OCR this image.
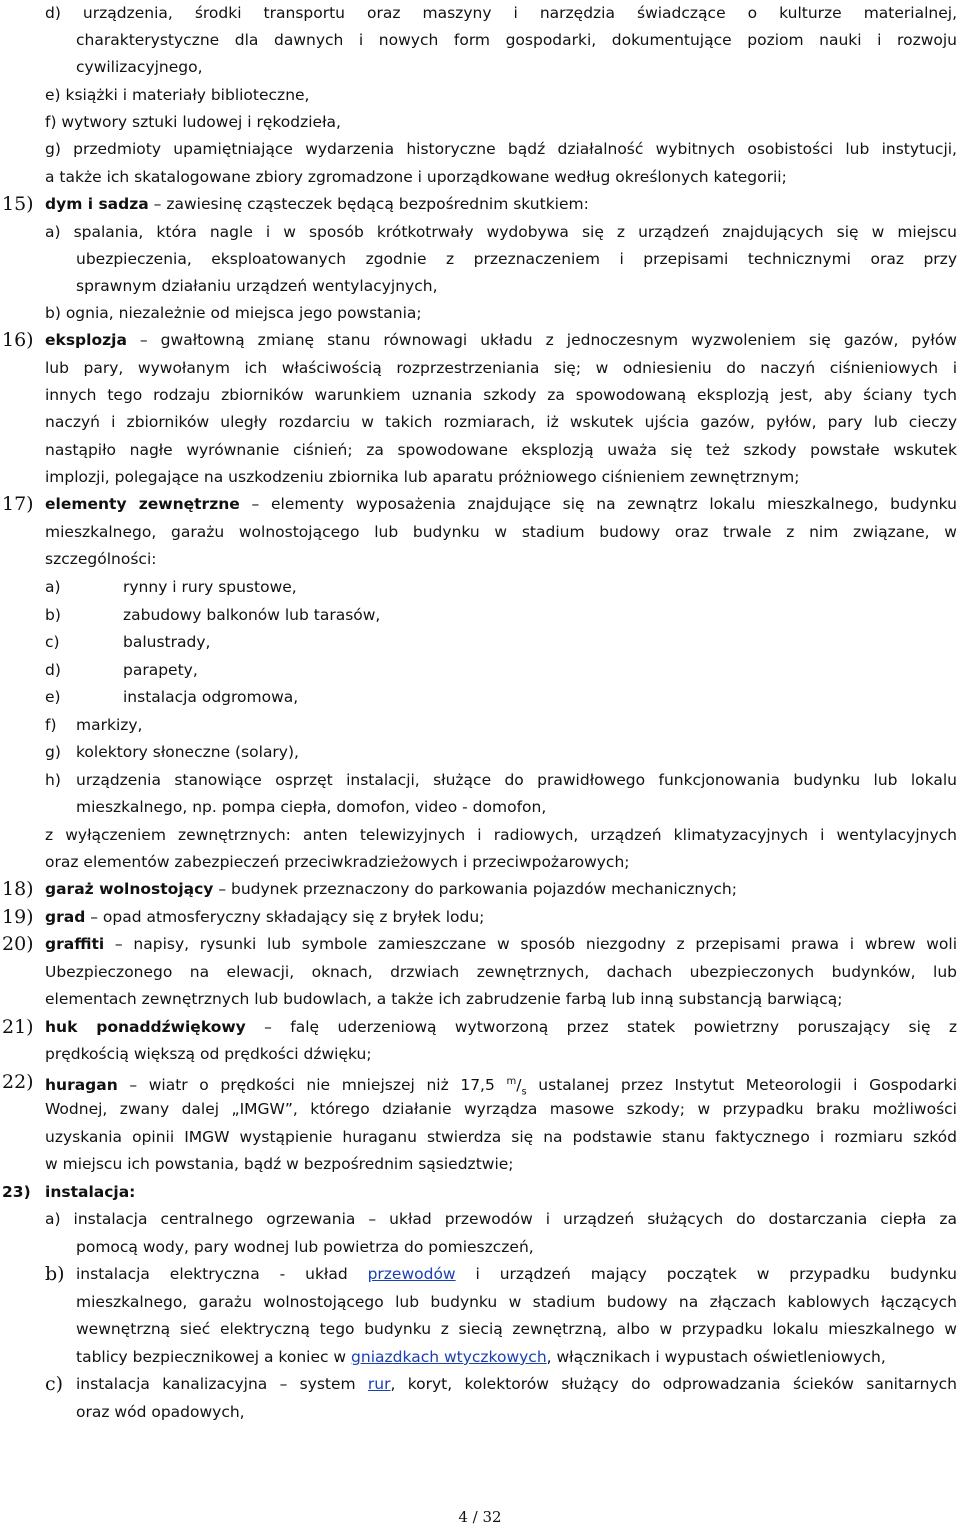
d) urządzenia, środki transportu oraz maszyny i narzędzia świadczące o kulturze materialnej,
charakterystyczne dla dawnych i nowych form gospodarki, dokumentujące poziom nauki i rozwoju
cywilizacyjnego,
e) książki i materiały biblioteczne,
f) wytwory sztuki ludowej i rękodzieła,
g) przedmioty upamiętniające wydarzenia historyczne bądź działalność wybitnych osobistości lub instytucji,
a także ich skatalogowane zbiory zgromadzone i uporządkowane według określonych kategorii;
15) dym i sadza – zawiesinę cząsteczek będącą bezpośrednim skutkiem:
a) spalania, która nagle i w sposób krótkotrwały wydobywa się z urządzeń znajdujących się w miejscu
ubezpieczenia, eksploatowanych zgodnie z przeznaczeniem i przepisami technicznymi oraz przy
sprawnym działaniu urządzeń wentylacyjnych,
b) ognia, niezależnie od miejsca jego powstania;
16) eksplozja – gwałtowną zmianę stanu równowagi układu z jednoczesnym wyzwoleniem się gazów, pyłów
lub pary, wywołanym ich właściwością rozprzestrzeniania się; w odniesieniu do naczyń ciśnieniowych i
innych tego rodzaju zbiorników warunkiem uznania szkody za spowodowaną eksplozją jest, aby ściany tych
naczyń i zbiorników uległy rozdarciu w takich rozmiarach, iż wskutek ujścia gazów, pyłów, pary lub cieczy
nastąpiło nagłe wyrównanie ciśnień; za spowodowane eksplozją uważa się też szkody powstałe wskutek
implozji, polegające na uszkodzeniu zbiornika lub aparatu próżniowego ciśnieniem zewnętrznym;
17) elementy zewnętrzne – elementy wyposażenia znajdujące się na zewnątrz lokalu mieszkalnego, budynku
mieszkalnego, garażu wolnostojącego lub budynku w stadium budowy oraz trwale z nim związane, w
szczególności:
a)	rynny i rury spustowe,
b)	zabudowy balkonów lub tarasów,
c)	balustrady,
d)	parapety,
e)	instalacja odgromowa,
f) markizy,
g) kolektory słoneczne (solary),
h) urządzenia stanowiące osprzęt instalacji, służące do prawidłowego funkcjonowania budynku lub lokalu
mieszkalnego, np. pompa ciepła, domofon, video - domofon,
z wyłączeniem zewnętrznych: anten telewizyjnych i radiowych, urządzeń klimatyzacyjnych i wentylacyjnych
oraz elementów zabezpieczeń przeciwkradzieżowych i przeciwpożarowych;
18) garaż wolnostojący – budynek przeznaczony do parkowania pojazdów mechanicznych;
19) grad – opad atmosferyczny składający się z bryłek lodu;
20) graffiti – napisy, rysunki lub symbole zamieszczane w sposób niezgodny z przepisami prawa i wbrew woli
Ubezpieczonego na elewacji, oknach, drzwiach zewnętrznych, dachach ubezpieczonych budynków, lub
elementach zewnętrznych lub budowlach, a także ich zabrudzenie farbą lub inną substancją barwiącą;
21) huk ponaddźwiękowy – falę uderzeniową wytworzoną przez statek powietrzny poruszający się z
prędkością większą od prędkości dźwięku;
22) huragan – wiatr o prędkości nie mniejszej niż 17,5 $^m/_s$ ustalanej przez Instytut Meteorologii i Gospodarki
Wodnej, zwany dalej „IMGW”, którego działanie wyrządza masowe szkody; w przypadku braku możliwości
uzyskania opinii IMGW wystąpienie huraganu stwierdza się na podstawie stanu faktycznego i rozmiaru szkód
w miejscu ich powstania, bądź w bezpośrednim sąsiedztwie;
23) instalacja:
a) instalacja centralnego ogrzewania – układ przewodów i urządzeń służących do dostarczania ciepła za
pomocą wody, pary wodnej lub powietrza do pomieszczeń,
b) instalacja elektryczna - układ przewodów i urządzeń mający początek w przypadku budynku
mieszkalnego, garażu wolnostojącego lub budynku w stadium budowy na złączach kablowych łączących
wewnętrzną sieć elektryczną tego budynku z siecią zewnętrzną, albo w przypadku lokalu mieszkalnego w
tablicy bezpiecznikowej a koniec w gniazdkach wtyczkowych, włącznikach i wypustach oświetleniowych,
c) instalacja kanalizacyjna – system rur, koryt, kolektorów służący do odprowadzania ścieków sanitarnych
oraz wód opadowych,
4 / 32
